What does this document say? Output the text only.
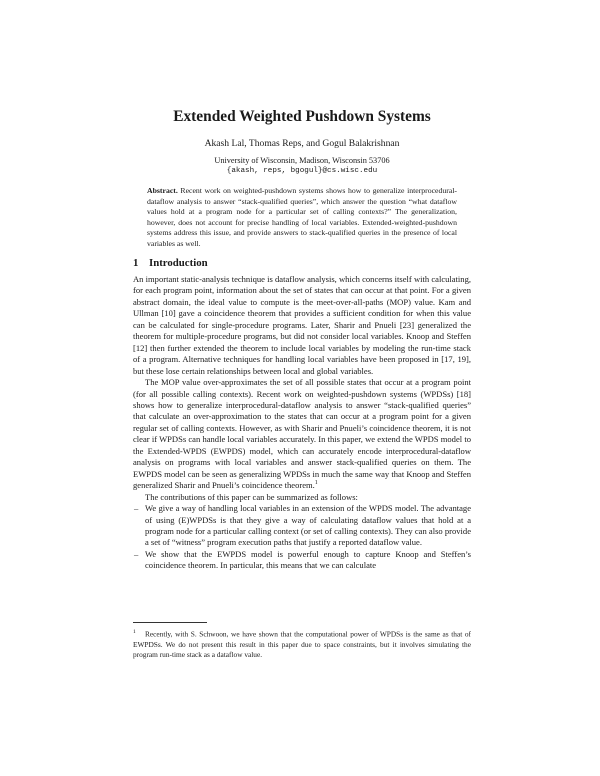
Extended Weighted Pushdown Systems

Akash Lal, Thomas Reps, and Gogul Balakrishnan

University of Wisconsin, Madison, Wisconsin 53706

{akash, reps, bgogul}@cs.wisc.edu

Abstract. Recent work on weighted-pushdown systems shows how to generalize interprocedural-dataflow analysis to answer “stack-qualified queries”, which answer the question “what dataflow values hold at a program node for a particular set of calling contexts?” The generalization, however, does not account for precise handling of local variables. Extended-weighted-pushdown systems address this issue, and provide answers to stack-qualified queries in the presence of local variables as well.

1 Introduction

An important static-analysis technique is dataflow analysis, which concerns itself with calculating, for each program point, information about the set of states that can occur at that point. For a given abstract domain, the ideal value to compute is the meet-over-all-paths (MOP) value. Kam and Ullman [10] gave a coincidence theorem that provides a sufficient condition for when this value can be calculated for single-procedure programs. Later, Sharir and Pnueli [23] generalized the theorem for multiple-procedure programs, but did not consider local variables. Knoop and Steffen [12] then further extended the theorem to include local variables by modeling the run-time stack of a program. Alternative techniques for handling local variables have been proposed in [17, 19], but these lose certain relationships between local and global variables.

The MOP value over-approximates the set of all possible states that occur at a program point (for all possible calling contexts). Recent work on weighted-pushdown systems (WPDSs) [18] shows how to generalize interprocedural-dataflow analysis to answer “stack-qualified queries” that calculate an over-approximation to the states that can occur at a program point for a given regular set of calling contexts. However, as with Sharir and Pnueli’s coincidence theorem, it is not clear if WPDSs can handle local variables accurately. In this paper, we extend the WPDS model to the Extended-WPDS (EWPDS) model, which can accurately encode interprocedural-dataflow analysis on programs with local variables and answer stack-qualified queries on them. The EWPDS model can be seen as generalizing WPDSs in much the same way that Knoop and Steffen generalized Sharir and Pnueli’s coincidence theorem.$^1$

The contributions of this paper can be summarized as follows:

– We give a way of handling local variables in an extension of the WPDS model. The advantage of using (E)WPDSs is that they give a way of calculating dataflow values that hold at a program node for a particular calling context (or set of calling contexts). They can also provide a set of “witness” program execution paths that justify a reported dataflow value.
– We show that the EWPDS model is powerful enough to capture Knoop and Steffen’s coincidence theorem. In particular, this means that we can calculate

$^1$ Recently, with S. Schwoon, we have shown that the computational power of WPDSs is the same as that of EWPDSs. We do not present this result in this paper due to space constraints, but it involves simulating the program run-time stack as a dataflow value.
